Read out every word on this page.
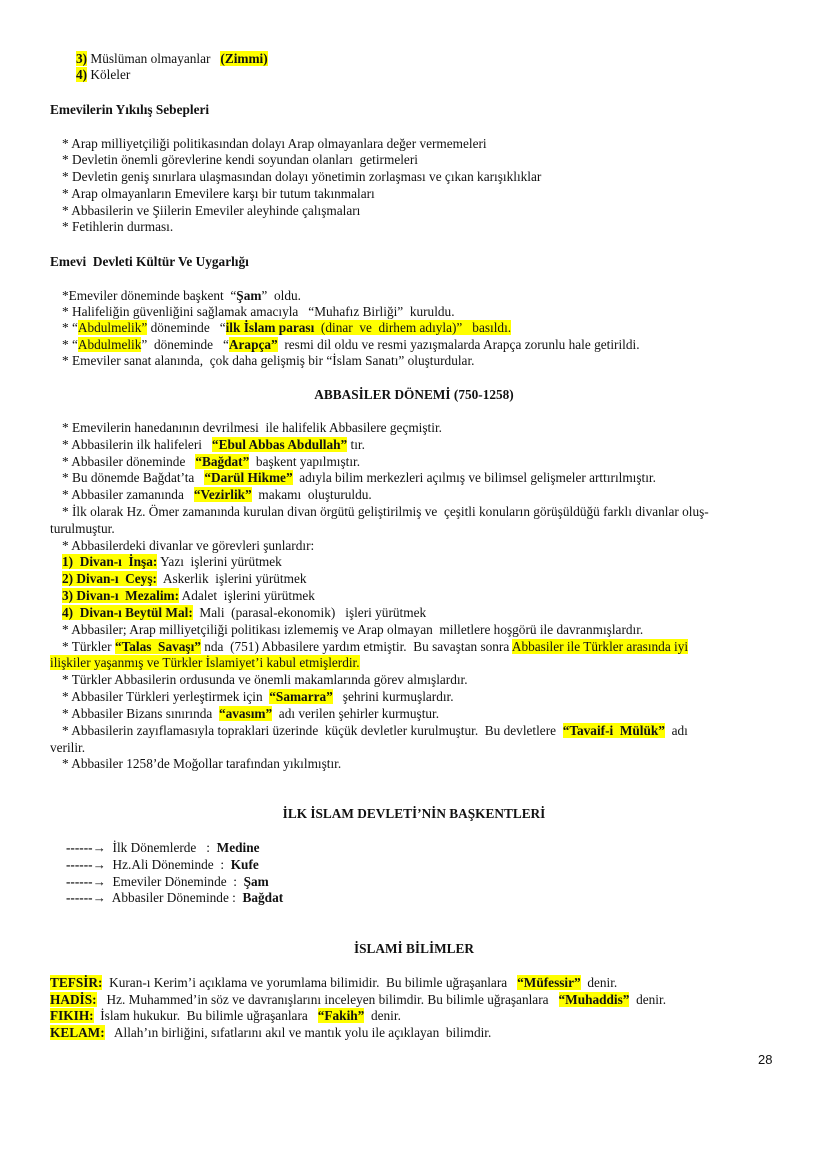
3) Müslüman olmayanlar   (Zimmi)
4) Köleler
Emevilerin Yıkılış Sebepleri
* Arap milliyetçiliği politikasından dolayı Arap olmayanlara değer vermemeleri
* Devletin önemli görevlerine kendi soyundan olanları  getirmeleri
* Devletin geniş sınırlara ulaşmasından dolayı yönetimin zorlaşması ve çıkan karışıklıklar
* Arap olmayanların Emevilere karşı bir tutum takınmaları
* Abbasilerin ve Şiilerin Emeviler aleyhinde çalışmaları
* Fetihlerin durması.
Emevi  Devleti Kültür Ve Uygarlığı
*Emeviler döneminde başkent  “Şam”  oldu.
* Halifeliğin güvenliğini sağlamak amacıyla   “Muhafız Birliği”  kuruldu.
* “Abdulmelik” döneminde   “ilk İslam parası  (dinar  ve  dirhem adıyla)”   basıldı.
* “Abdulmelik”  döneminde   “Arapça”  resmi dil oldu ve resmi yazışmalarda Arapça zorunlu hale getirildi.
* Emeviler sanat alanında,  çok daha gelişmiş bir “İslam Sanatı” oluşturdular.
ABBASİLER DÖNEMİ (750-1258)
* Emevilerin hanedanının devrilmesi  ile halifelik Abbasilere geçmiştir.
* Abbasilerin ilk halifeleri   “Ebul Abbas Abdullah” tır.
* Abbasiler döneminde   “Bağdat”  başkent yapılmıştır.
* Bu dönemde Bağdat’ta   “Darül Hikme”  adıyla bilim merkezleri açılmış ve bilimsel gelişmeler arttırılmıştır.
* Abbasiler zamanında   “Vezirlik”  makamı  oluşturuldu.
* İlk olarak Hz. Ömer zamanında kurulan divan örgütü geliştirilmiş ve  çeşitli konuların görüşüldüğü farklı divanlar oluş-
turulmuştur.
* Abbasilerdeki divanlar ve görevleri şunlardır:
1)  Divan-ı  İnşa: Yazı  işlerini yürütmek
2) Divan-ı  Ceyş:  Askerlik  işlerini yürütmek
3) Divan-ı  Mezalim: Adalet  işlerini yürütmek
4)  Divan-ı Beytül Mal:  Mali  (parasal-ekonomik)   işleri yürütmek
* Abbasiler; Arap milliyetçiliği politikası izlememiş ve Arap olmayan  milletlere hoşgörü ile davranmışlardır.
* Türkler “Talas  Savaşı” nda  (751) Abbasilere yardım etmiştir.  Bu savaştan sonra Abbasiler ile Türkler arasında iyi
ilişkiler yaşanmış ve Türkler İslamiyet’i kabul etmişlerdir.
* Türkler Abbasilerin ordusunda ve önemli makamlarında görev almışlardır.
* Abbasiler Türkleri yerleştirmek için  “Samarra”   şehrini kurmuşlardır.
* Abbasiler Bizans sınırında  “avasım”  adı verilen şehirler kurmuştur.
* Abbasilerin zayıflamasıyla topraklari üzerinde  küçük devletler kurulmuştur.  Bu devletlere  “Tavaif-i  Mülük”  adı
verilir.
* Abbasiler 1258’de Moğollar tarafından yıkılmıştır.
İLK İSLAM DEVLETİ’NİN BAŞKENTLERİ
------→  İlk Dönemlerde   :  Medine
------→  Hz.Ali Döneminde  :  Kufe
------→  Emeviler Döneminde  :  Şam
------→  Abbasiler Döneminde :  Bağdat
İSLAMİ BİLİMLER
TEFSİR:  Kuran-ı Kerim’i açıklama ve yorumlama bilimidir.  Bu bilimle uğraşanlara   “Müfessir”  denir.
HADİS:   Hz. Muhammed’in söz ve davranışlarını inceleyen bilimdir. Bu bilimle uğraşanlara   “Muhaddis”  denir.
FIKIH:  İslam hukukur.  Bu bilimle uğraşanlara   “Fakih”  denir.
KELAM:   Allah’ın birliğini, sıfatlarını akıl ve mantık yolu ile açıklayan  bilimdir.
28
